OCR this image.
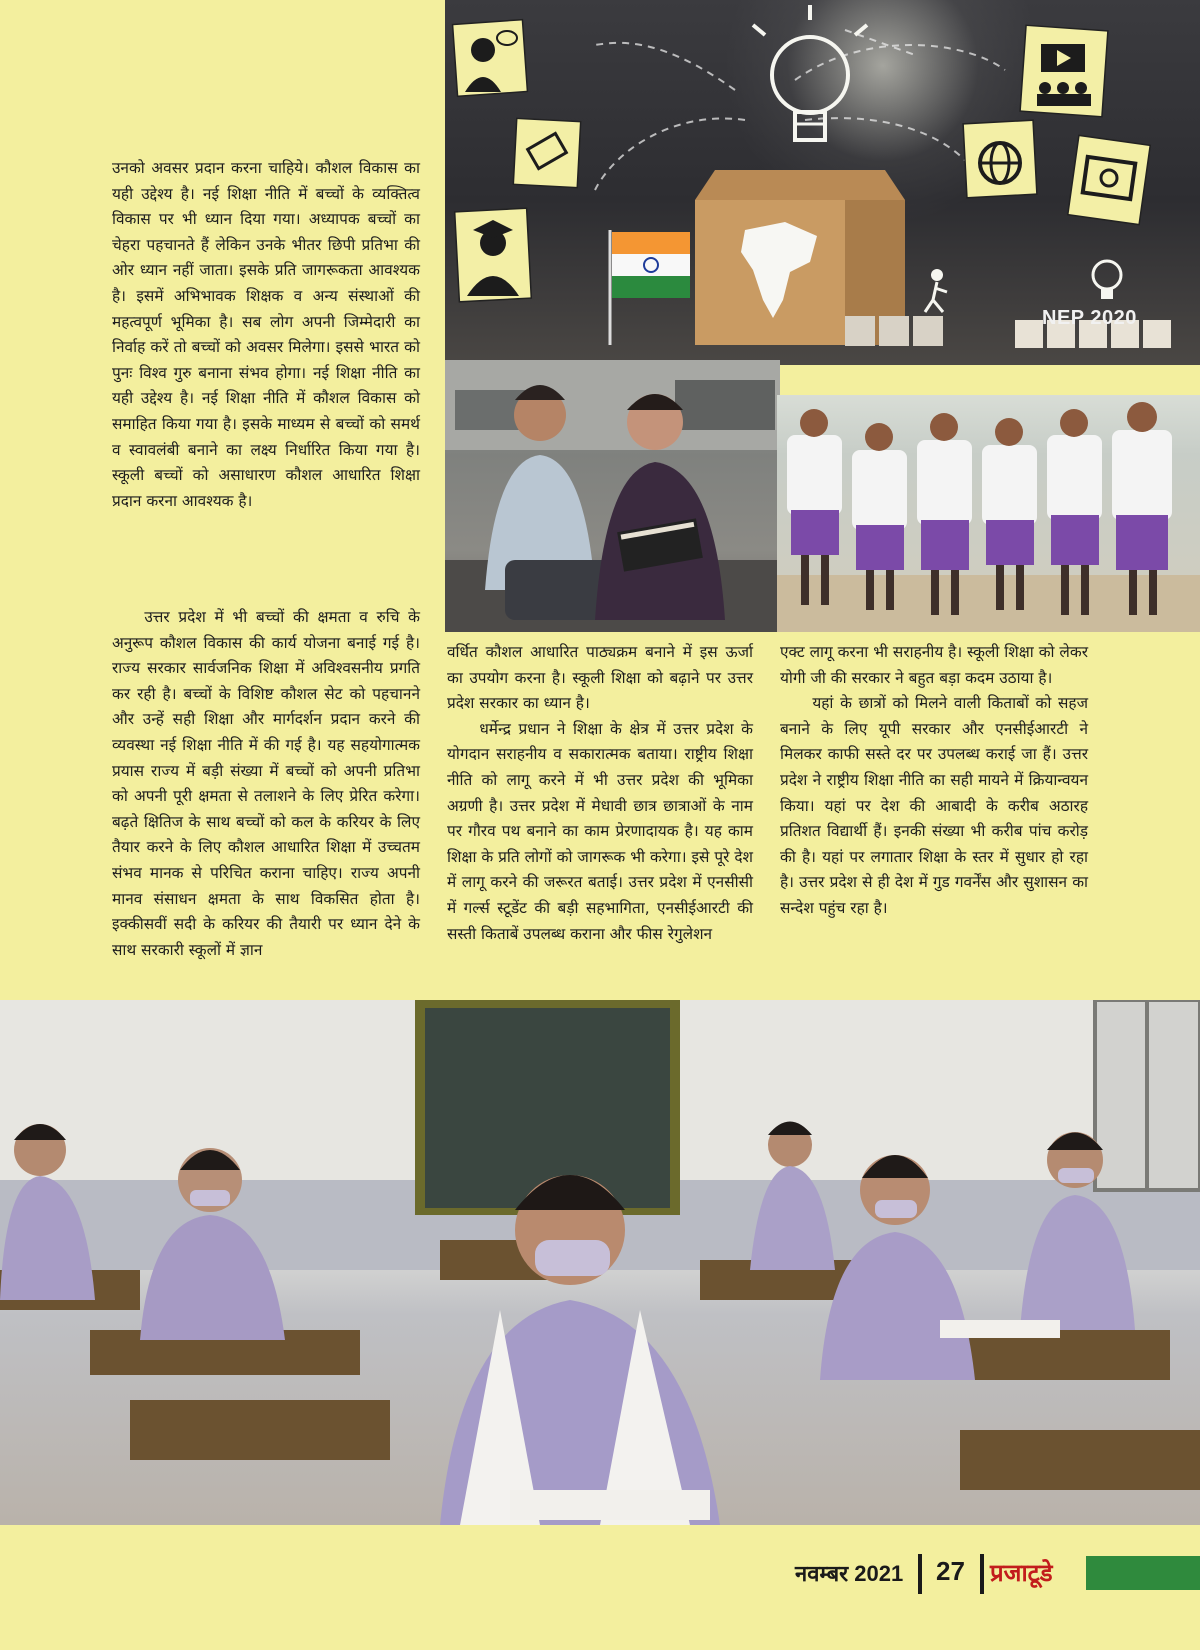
NEP 2020

उनको अवसर प्रदान करना चाहिये। कौशल विकास का यही उद्देश्य है। नई शिक्षा नीति में बच्चों के व्यक्तित्व विकास पर भी ध्यान दिया गया। अध्यापक बच्चों का चेहरा पहचानते हैं लेकिन उनके भीतर छिपी प्रतिभा की ओर ध्यान नहीं जाता। इसके प्रति जागरूकता आवश्यक है। इसमें अभिभावक शिक्षक व अन्य संस्थाओं की महत्वपूर्ण भूमिका है। सब लोग अपनी जिम्मेदारी का निर्वाह करें तो बच्चों को अवसर मिलेगा। इससे भारत को पुनः विश्व गुरु बनाना संभव होगा। नई शिक्षा नीति का यही उद्देश्य है। नई शिक्षा नीति में कौशल विकास को समाहित किया गया है। इसके माध्यम से बच्चों को समर्थ व स्वावलंबी बनाने का लक्ष्य निर्धारित किया गया है। स्कूली बच्चों को असाधारण कौशल आधारित शिक्षा प्रदान करना आवश्यक है।

उत्तर प्रदेश में भी बच्चों की क्षमता व रुचि के अनुरूप कौशल विकास की कार्य योजना बनाई गई है। राज्य सरकार सार्वजनिक शिक्षा में अविश्वसनीय प्रगति कर रही है। बच्चों के विशिष्ट कौशल सेट को पहचानने और उन्हें सही शिक्षा और मार्गदर्शन प्रदान करने की व्यवस्था नई शिक्षा नीति में की गई है। यह सहयोगात्मक प्रयास राज्य में बड़ी संख्या में बच्चों को अपनी प्रतिभा को अपनी पूरी क्षमता से तलाशने के लिए प्रेरित करेगा। बढ़ते क्षितिज के साथ बच्चों को कल के करियर के लिए तैयार करने के लिए कौशल आधारित शिक्षा में उच्चतम संभव मानक से परिचित कराना चाहिए। राज्य अपनी मानव संसाधन क्षमता के साथ विकसित होता है। इक्कीसवीं सदी के करियर की तैयारी पर ध्यान देने के साथ सरकारी स्कूलों में ज्ञान

वर्धित कौशल आधारित पाठ्यक्रम बनाने में इस ऊर्जा का उपयोग करना है। स्कूली शिक्षा को बढ़ाने पर उत्तर प्रदेश सरकार का ध्यान है।

धर्मेन्द्र प्रधान ने शिक्षा के क्षेत्र में उत्तर प्रदेश के योगदान सराहनीय व सकारात्मक बताया। राष्ट्रीय शिक्षा नीति को लागू करने में भी उत्तर प्रदेश की भूमिका अग्रणी है। उत्तर प्रदेश में मेधावी छात्र छात्राओं के नाम पर गौरव पथ बनाने का काम प्रेरणादायक है। यह काम शिक्षा के प्रति लोगों को जागरूक भी करेगा। इसे पूरे देश में लागू करने की जरूरत बताई। उत्तर प्रदेश में एनसीसी में गर्ल्स स्टूडेंट की बड़ी सहभागिता, एनसीईआरटी की सस्ती किताबें उपलब्ध कराना और फीस रेगुलेशन

एक्ट लागू करना भी सराहनीय है। स्कूली शिक्षा को लेकर योगी जी की सरकार ने बहुत बड़ा कदम उठाया है।

यहां के छात्रों को मिलने वाली किताबों को सहज बनाने के लिए यूपी सरकार और एनसीईआरटी ने मिलकर काफी सस्ते दर पर उपलब्ध कराई जा हैं। उत्तर प्रदेश ने राष्ट्रीय शिक्षा नीति का सही मायने में क्रियान्वयन किया। यहां पर देश की आबादी के करीब अठारह प्रतिशत विद्यार्थी हैं। इनकी संख्या भी करीब पांच करोड़ की है। यहां पर लगातार शिक्षा के स्तर में सुधार हो रहा है। उत्तर प्रदेश से ही देश में गुड गवर्नेंस और सुशासन का सन्देश पहुंच रहा है।

नवम्बर 2021 27 प्रजाटूडे
